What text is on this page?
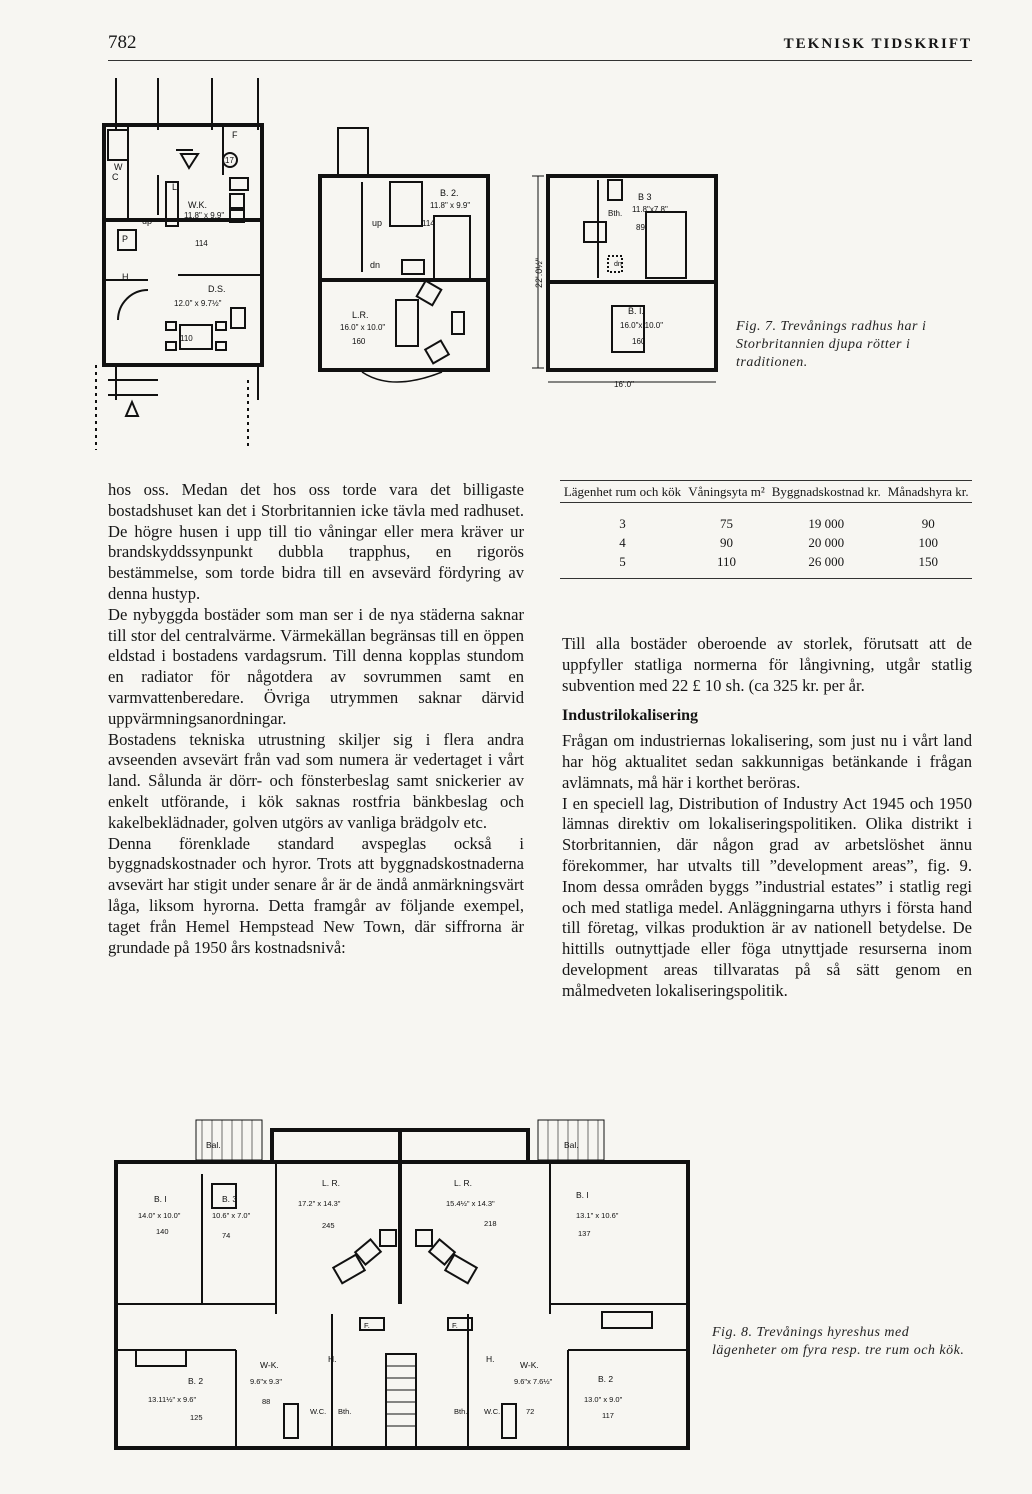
782	TEKNISK TIDSKRIFT
F
17
W
C
W.K.
11.8" x 9.9"
114
H.
D.S.
12.0" x 9.7½"
110
up
P
L
B. 2.
11.8" x 9.9"
114
up
dn
L.R.
16.0" x 10.0"
160
B 3
11.8"x7.8"
Bth.
89
dn
B. I.
16.0"x 10.0"
160
22'.0½"
16'.0"
Fig. 7. Trevånings radhus har i Storbritannien djupa rötter i traditionen.

hos oss. Medan det hos oss torde vara det billigaste bostadshuset kan det i Storbritannien icke tävla med radhuset. De högre husen i upp till tio våningar eller mera kräver ur brandskyddssynpunkt dubbla trapphus, en rigorös bestämmelse, som torde bidra till en avsevärd fördyring av denna hustyp.

De nybyggda bostäder som man ser i de nya städerna saknar till stor del centralvärme. Värmekällan begränsas till en öppen eldstad i bostadens vardagsrum. Till denna kopplas stundom en radiator för någotdera av sovrummen samt en varmvattenberedare. Övriga utrymmen saknar därvid uppvärmningsanordningar.

Bostadens tekniska utrustning skiljer sig i flera andra avseenden avsevärt från vad som numera är vedertaget i vårt land. Sålunda är dörr- och fönsterbeslag samt snickerier av enkelt utförande, i kök saknas rostfria bänkbeslag och kakelbeklädnader, golven utgörs av vanliga brädgolv etc.

Denna förenklade standard avspeglas också i byggnadskostnader och hyror. Trots att byggnadskostnaderna avsevärt har stigit under senare år är de ändå anmärkningsvärt låga, liksom hyrorna. Detta framgår av följande exempel, taget från Hemel Hempstead New Town, där siffrorna är grundade på 1950 års kostnadsnivå:

Lägenhet rum och kök	Våningsyta m²	Byggnadskostnad kr.	Månadshyra kr.
3	75	19 000	90
4	90	20 000	100
5	110	26 000	150

Till alla bostäder oberoende av storlek, förutsatt att de uppfyller statliga normerna för långivning, utgår statlig subvention med 22 £ 10 sh. (ca 325 kr. per år.

Industrilokalisering

Frågan om industriernas lokalisering, som just nu i vårt land har hög aktualitet sedan sakkunnigas betänkande i frågan avlämnats, må här i korthet beröras.

I en speciell lag, Distribution of Industry Act 1945 och 1950 lämnas direktiv om lokaliseringspolitiken. Olika distrikt i Storbritannien, där någon grad av arbetslöshet ännu förekommer, har utvalts till ”development areas”, fig. 9. Inom dessa områden byggs ”industrial estates” i statlig regi och med statliga medel. Anläggningarna uthyrs i första hand till företag, vilkas produktion är av nationell betydelse. De hittills outnyttjade eller föga utnyttjade resurserna inom development areas tillvaratas på så sätt genom en målmedveten lokaliseringspolitik.

Bal.	Bal.
B. I
14.0" x 10.0"
140
B. 3
10.6" x 7.0"
74
L. R.
17.2" x 14.3"
245
L. R.
15.4½" x 14.3"
218
B. I
13.1" x 10.6"
137
B. 2
13.11½" x 9.6"
125
B. 2
13.0" x 9.0"
117
W-K.
9.6"x 9.3"
88
W-K.
9.6"x 7.6½"
72
W.C. Bth.	Bth. W.C.
H.	H.
F.	F.	Fig. 8. Trevånings hyreshus med lägenheter om fyra resp. tre rum och kök.
